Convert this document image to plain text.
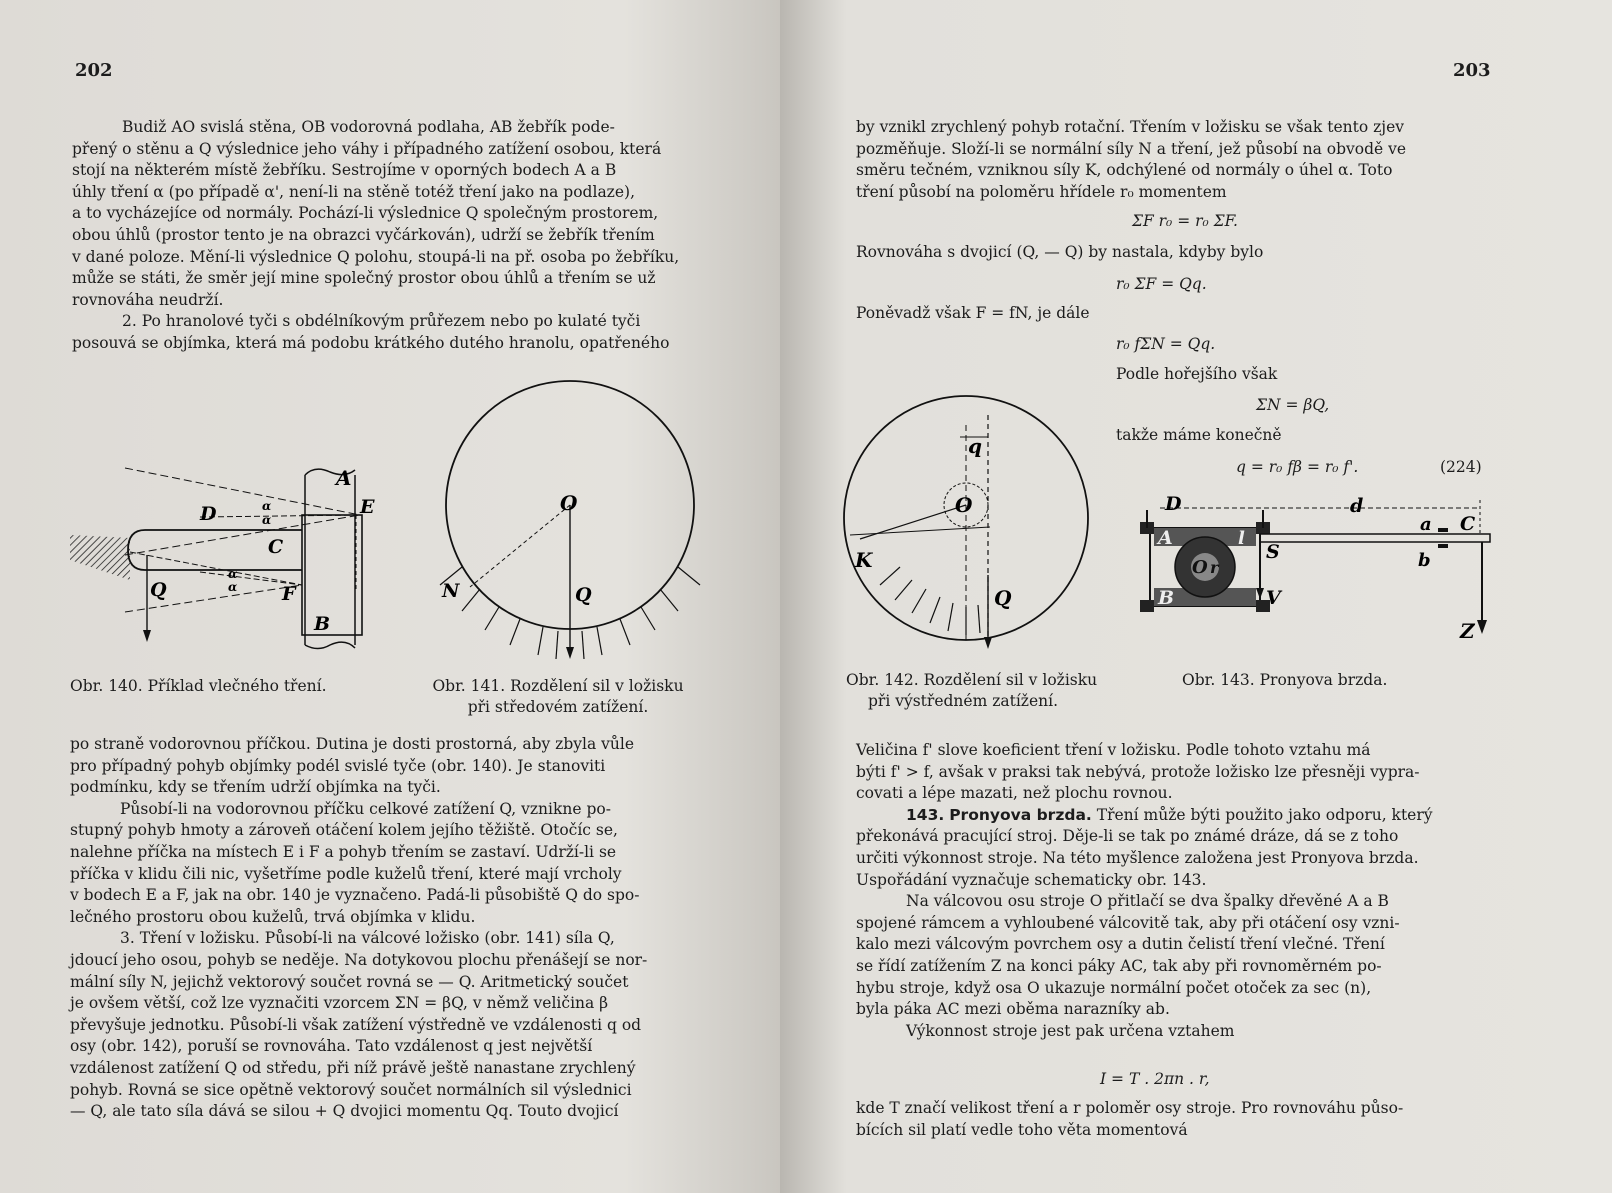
202

Budiž AO svislá stěna, OB vodorovná podlaha, AB žebřík pode-

přený o stěnu a Q výslednice jeho váhy i případného zatížení osobou, která

stojí na některém místě žebříku. Sestrojíme v oporných bodech A a B

úhly tření α (po případě α', není-li na stěně totéž tření jako na podlaze),

a to vycházejíce od normály. Pochází-li výslednice Q společným prostorem,

obou úhlů (prostor tento je na obrazci vyčárkován), udrží se žebřík třením

v dané poloze. Mění-li výslednice Q polohu, stoupá-li na př. osoba po žebříku,

může se státi, že směr její mine společný prostor obou úhlů a třením se už

rovnováha neudrží.

2. Po hranolové tyči s obdélníkovým průřezem nebo po kulaté tyči

posouvá se objímka, která má podobu krátkého dutého hranolu, opatřeného

A
E
D
C
F
Q
B
α
α
α
α
Obr. 140. Příklad vlečného tření.
O
N	Q
Obr. 141. Rozdělení sil v ložisku
při středovém zatížení.

po straně vodorovnou příčkou. Dutina je dosti prostorná, aby zbyla vůle

pro případný pohyb objímky podél svislé tyče (obr. 140). Je stanoviti

podmínku, kdy se třením udrží objímka na tyči.

Působí-li na vodorovnou příčku celkové zatížení Q, vznikne po-

stupný pohyb hmoty a zároveň otáčení kolem jejího těžiště. Otočíc se,

nalehne příčka na místech E i F a pohyb třením se zastaví. Udrží-li se

příčka v klidu čili nic, vyšetříme podle kuželů tření, které mají vrcholy

v bodech E a F, jak na obr. 140 je vyznačeno. Padá-li působiště Q do spo-

lečného prostoru obou kuželů, trvá objímka v klidu.

3. Tření v ložisku. Působí-li na válcové ložisko (obr. 141) síla Q,

jdoucí jeho osou, pohyb se neděje. Na dotykovou plochu přenášejí se nor-

mální síly N, jejichž vektorový součet rovná se — Q. Aritmetický součet

je ovšem větší, což lze vyznačiti vzorcem ΣN = βQ, v němž veličina β

převyšuje jednotku. Působí-li však zatížení výstředně ve vzdálenosti q od

osy (obr. 142), poruší se rovnováha. Tato vzdálenost q jest největší

vzdálenost zatížení Q od středu, při níž právě ještě nanastane zrychlený

pohyb. Rovná se sice opětně vektorový součet normálních sil výslednici

— Q, ale tato síla dává se silou + Q dvojici momentu Qq. Touto dvojicí

203

by vznikl zrychlený pohyb rotační. Třením v ložisku se však tento zjev

pozměňuje. Složí-li se normální síly N a tření, jež působí na obvodě ve

směru tečném, vzniknou síly K, odchýlené od normály o úhel α. Toto

tření působí na poloměru hřídele r₀ momentem

ΣF r₀ = r₀ ΣF.
Rovnováha s dvojicí (Q, — Q) by nastala, kdyby bylo
r₀ ΣF = Qq.
Poněvadž však F = fN, je dále
r₀ fΣN = Qq.
Podle hořejšího však
ΣN = βQ,
takže máme konečně
q = r₀ fβ = r₀ f'.	(224)
q
O
K
Q
Obr. 142. Rozdělení sil v ložisku
při výstředném zatížení.
D	d
a C
A	l
O r
S	b
B	V
Z
Obr. 143. Pronyova brzda.

Veličina f' slove koeficient tření v ložisku. Podle tohoto vztahu má

býti f' > f, avšak v praksi tak nebývá, protože ložisko lze přesněji vypra-

covati a lépe mazati, než plochu rovnou.

143. Pronyova brzda. Tření může býti použito jako odporu, který

překonává pracující stroj. Děje-li se tak po známé dráze, dá se z toho

určiti výkonnost stroje. Na této myšlence založena jest Pronyova brzda.

Uspořádání vyznačuje schematicky obr. 143.

Na válcovou osu stroje O přitlačí se dva špalky dřevěné A a B

spojené rámcem a vyhloubené válcovitě tak, aby při otáčení osy vzni-

kalo mezi válcovým povrchem osy a dutin čelistí tření vlečné. Tření

se řídí zatížením Z na konci páky AC, tak aby při rovnoměrném po-

hybu stroje, když osa O ukazuje normální počet otoček za sec (n),

byla páka AC mezi oběma narazníky ab.

Výkonnost stroje jest pak určena vztahem

I = T . 2πn . r,

kde T značí velikost tření a r poloměr osy stroje. Pro rovnováhu půso-

bících sil platí vedle toho věta momentová
